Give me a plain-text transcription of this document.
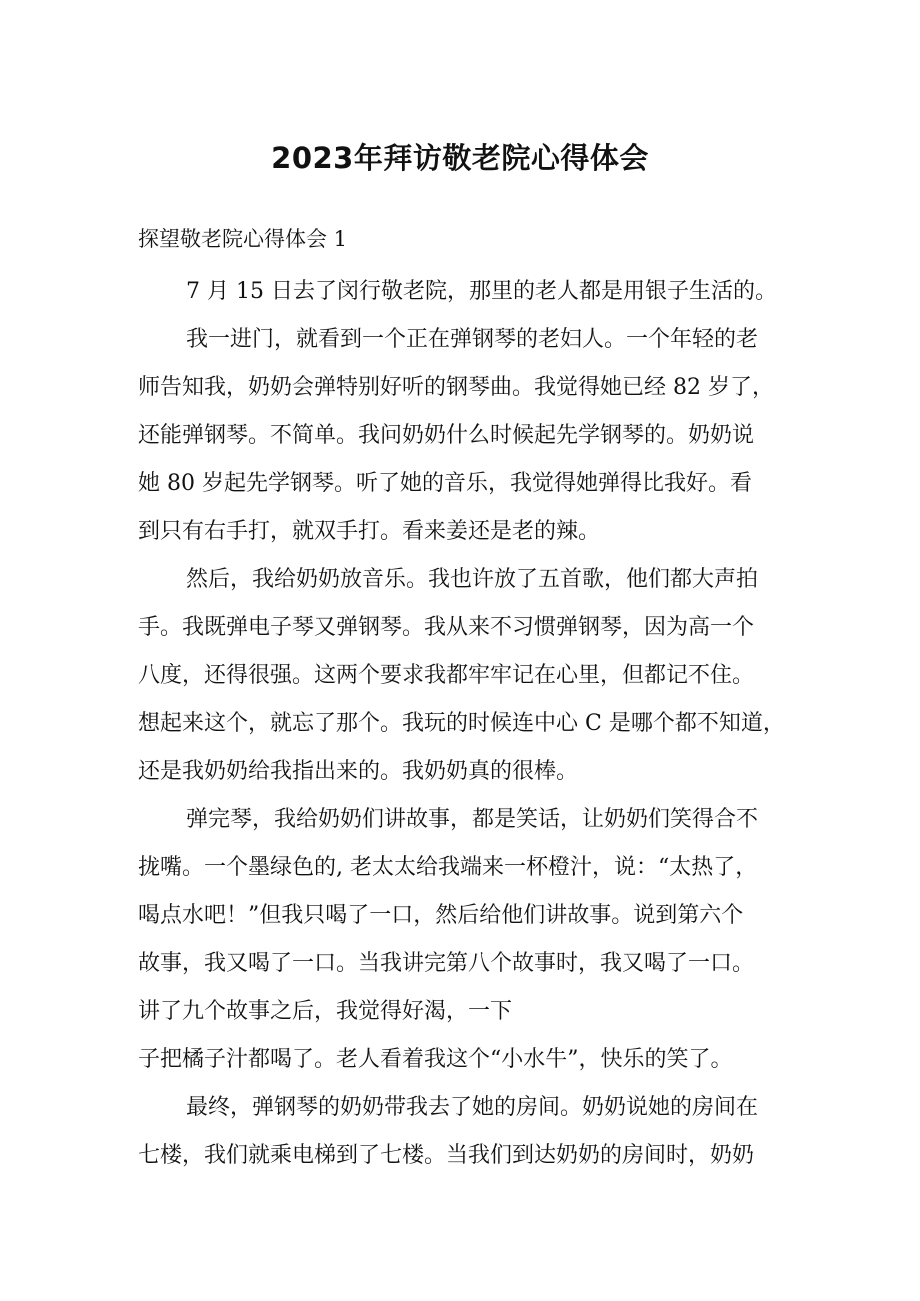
2023年拜访敬老院心得体会

探望敬老院心得体会 1

7 月 15 日去了闵行敬老院，那里的老人都是用银子生活的。
我一进门，就看到一个正在弹钢琴的老妇人。一个年轻的老
师告知我，奶奶会弹特别好听的钢琴曲。我觉得她已经 82 岁了，
还能弹钢琴。不简单。我问奶奶什么时候起先学钢琴的。奶奶说
她 80 岁起先学钢琴。听了她的音乐，我觉得她弹得比我好。看
到只有右手打，就双手打。看来姜还是老的辣。
然后，我给奶奶放音乐。我也许放了五首歌，他们都大声拍
手。我既弹电子琴又弹钢琴。我从来不习惯弹钢琴，因为高一个
八度，还得很强。这两个要求我都牢牢记在心里，但都记不住。
想起来这个，就忘了那个。我玩的时候连中心 C 是哪个都不知道，
还是我奶奶给我指出来的。我奶奶真的很棒。
弹完琴，我给奶奶们讲故事，都是笑话，让奶奶们笑得合不
拢嘴。一个墨绿色的, 老太太给我端来一杯橙汁，说：“太热了，
喝点水吧！”但我只喝了一口，然后给他们讲故事。说到第六个
故事，我又喝了一口。当我讲完第八个故事时，我又喝了一口。
讲了九个故事之后，我觉得好渴，一下
子把橘子汁都喝了。老人看着我这个“小水牛”，快乐的笑了。
最终，弹钢琴的奶奶带我去了她的房间。奶奶说她的房间在
七楼，我们就乘电梯到了七楼。当我们到达奶奶的房间时，奶奶
